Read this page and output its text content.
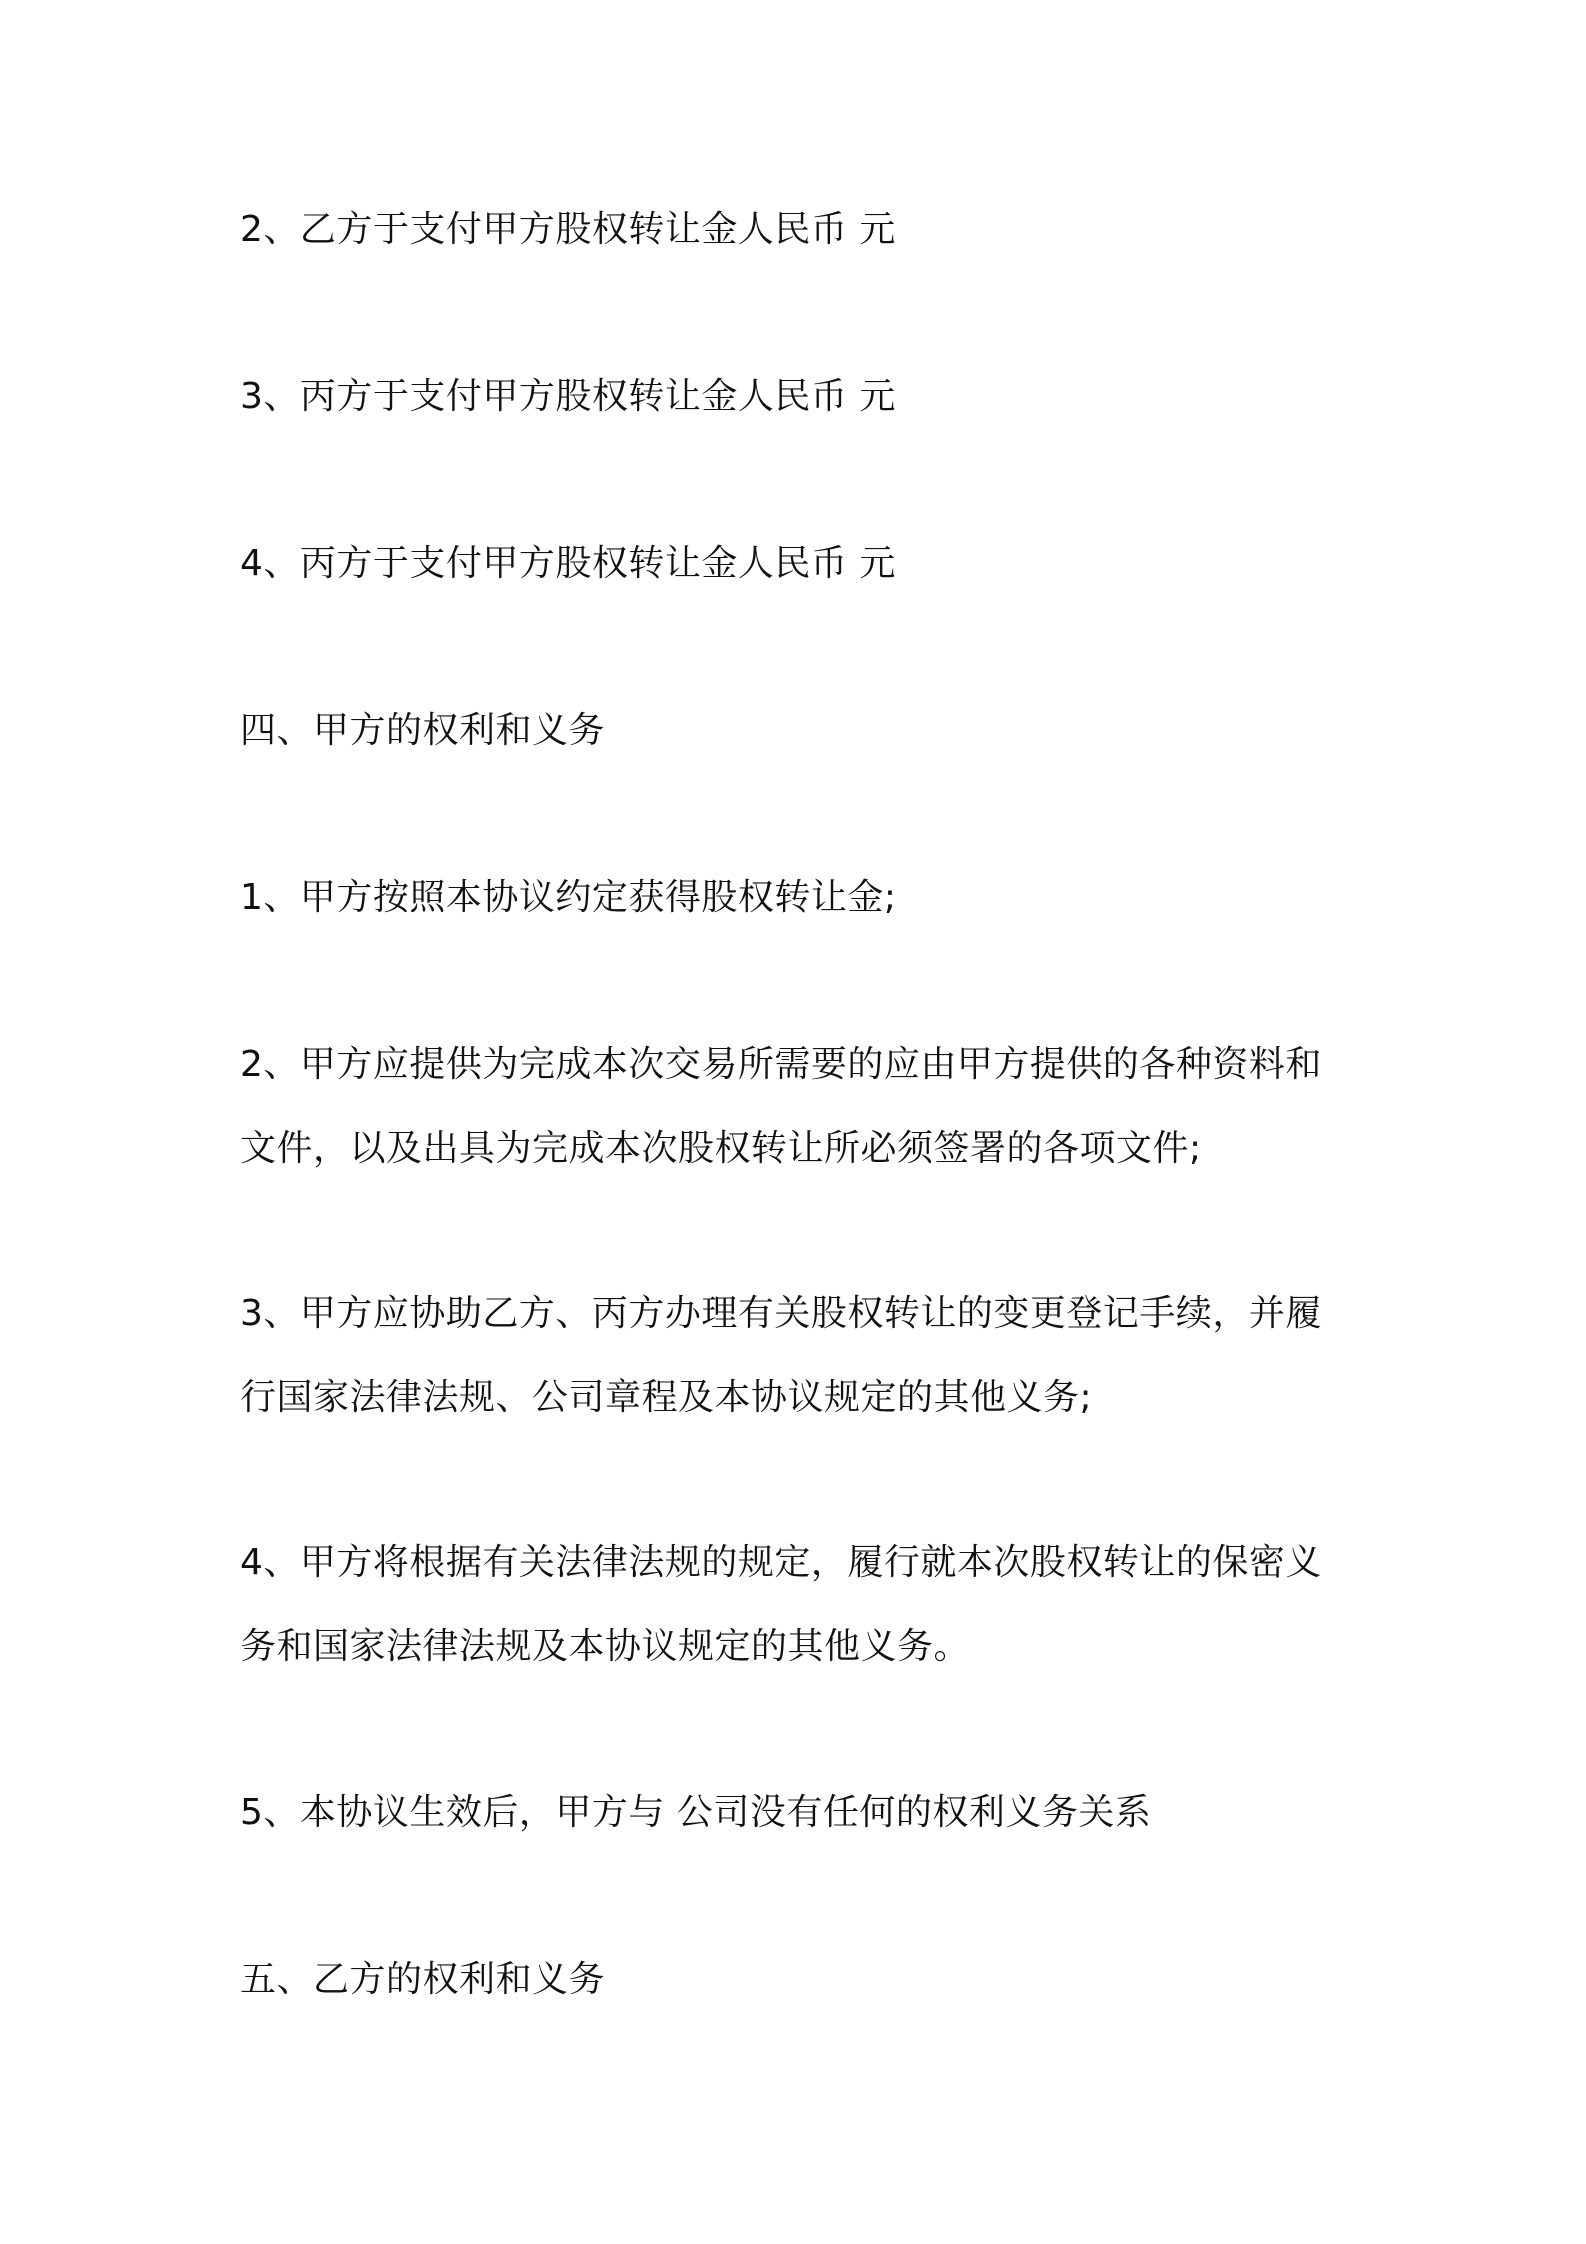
2、乙方于支付甲方股权转让金人民币 元

3、丙方于支付甲方股权转让金人民币 元

4、丙方于支付甲方股权转让金人民币 元

四、甲方的权利和义务

1、甲方按照本协议约定获得股权转让金;

2、甲方应提供为完成本次交易所需要的应由甲方提供的各种资料和
文件，以及出具为完成本次股权转让所必须签署的各项文件;

3、甲方应协助乙方、丙方办理有关股权转让的变更登记手续，并履
行国家法律法规、公司章程及本协议规定的其他义务;

4、甲方将根据有关法律法规的规定，履行就本次股权转让的保密义
务和国家法律法规及本协议规定的其他义务。

5、本协议生效后，甲方与 公司没有任何的权利义务关系

五、乙方的权利和义务
